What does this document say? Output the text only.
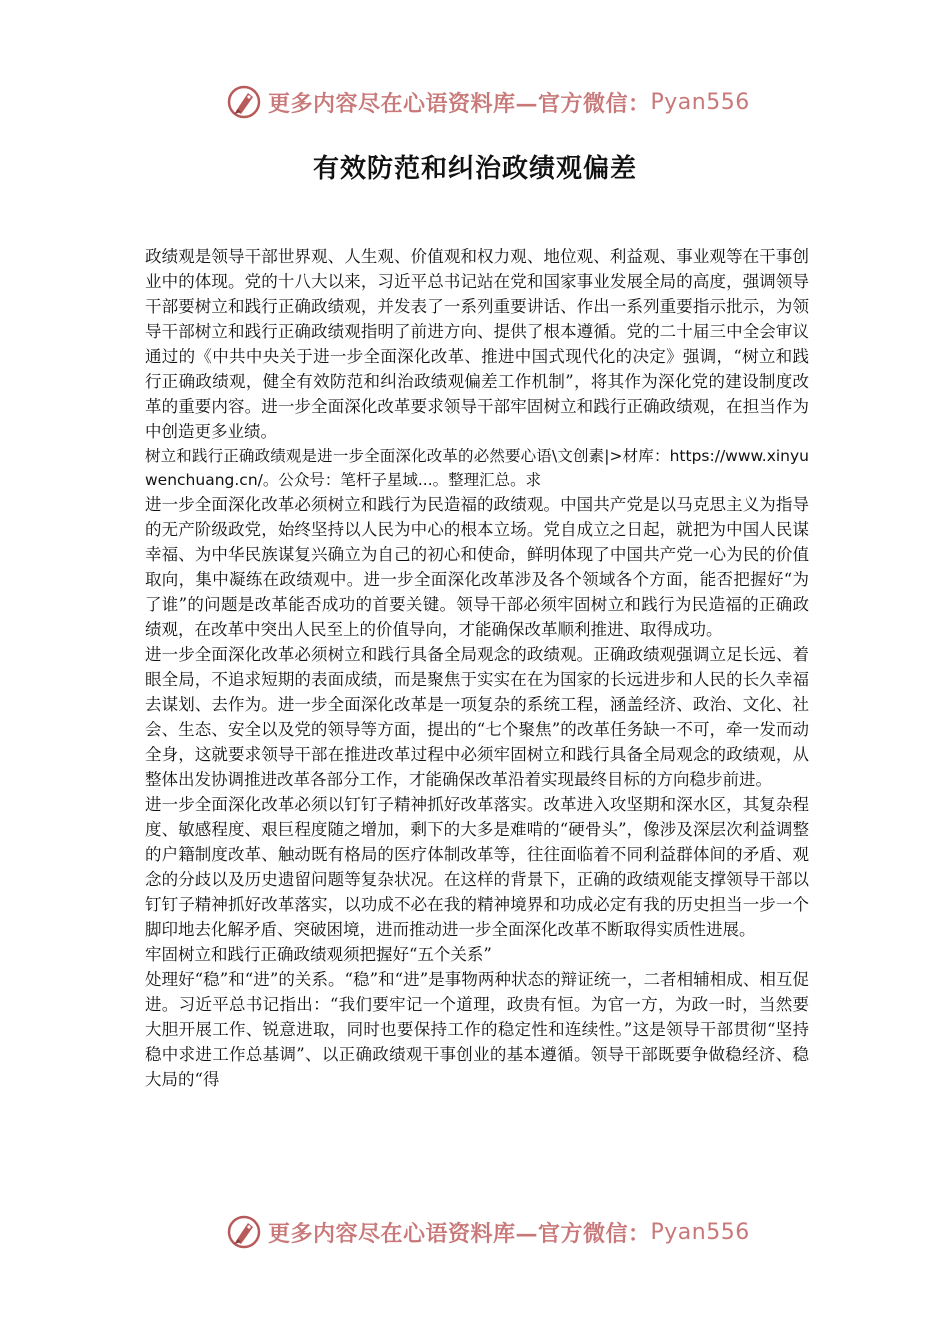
更多内容尽在心语资料库—官方微信： Pyan556
有效防范和纠治政绩观偏差

政绩观是领导干部世界观、人生观、价值观和权力观、地位观、利益观、事业观等在干事创业中的体现。党的十八大以来，习近平总书记站在党和国家事业发展全局的高度，强调领导干部要树立和践行正确政绩观，并发表了一系列重要讲话、作出一系列重要指示批示，为领导干部树立和践行正确政绩观指明了前进方向、提供了根本遵循。党的二十届三中全会审议通过的《中共中央关于进一步全面深化改革、推进中国式现代化的决定》强调，“树立和践行正确政绩观，健全有效防范和纠治政绩观偏差工作机制”，将其作为深化党的建设制度改革的重要内容。进一步全面深化改革要求领导干部牢固树立和践行正确政绩观，在担当作为中创造更多业绩。

树立和践行正确政绩观是进一步全面深化改革的必然要心语\文创素|>材库：https://www.xinyuwenchuang.cn/。公众号：笔杆子星域...。整理汇总。求

进一步全面深化改革必须树立和践行为民造福的政绩观。中国共产党是以马克思主义为指导的无产阶级政党，始终坚持以人民为中心的根本立场。党自成立之日起，就把为中国人民谋幸福、为中华民族谋复兴确立为自己的初心和使命，鲜明体现了中国共产党一心为民的价值取向，集中凝练在政绩观中。进一步全面深化改革涉及各个领域各个方面，能否把握好“为了谁”的问题是改革能否成功的首要关键。领导干部必须牢固树立和践行为民造福的正确政绩观，在改革中突出人民至上的价值导向，才能确保改革顺利推进、取得成功。

进一步全面深化改革必须树立和践行具备全局观念的政绩观。正确政绩观强调立足长远、着眼全局，不追求短期的表面成绩，而是聚焦于实实在在为国家的长远进步和人民的长久幸福去谋划、去作为。进一步全面深化改革是一项复杂的系统工程，涵盖经济、政治、文化、社会、生态、安全以及党的领导等方面，提出的“七个聚焦”的改革任务缺一不可，牵一发而动全身，这就要求领导干部在推进改革过程中必须牢固树立和践行具备全局观念的政绩观，从整体出发协调推进改革各部分工作，才能确保改革沿着实现最终目标的方向稳步前进。

进一步全面深化改革必须以钉钉子精神抓好改革落实。改革进入攻坚期和深水区，其复杂程度、敏感程度、艰巨程度随之增加，剩下的大多是难啃的“硬骨头”，像涉及深层次利益调整的户籍制度改革、触动既有格局的医疗体制改革等，往往面临着不同利益群体间的矛盾、观念的分歧以及历史遗留问题等复杂状况。在这样的背景下，正确的政绩观能支撑领导干部以钉钉子精神抓好改革落实，以功成不必在我的精神境界和功成必定有我的历史担当一步一个脚印地去化解矛盾、突破困境，进而推动进一步全面深化改革不断取得实质性进展。

牢固树立和践行正确政绩观须把握好“五个关系”

处理好“稳”和“进”的关系。“稳”和“进”是事物两种状态的辩证统一，二者相辅相成、相互促进。习近平总书记指出：“我们要牢记一个道理，政贵有恒。为官一方，为政一时，当然要大胆开展工作、锐意进取，同时也要保持工作的稳定性和连续性。”这是领导干部贯彻“坚持稳中求进工作总基调”、以正确政绩观干事创业的基本遵循。领导干部既要争做稳经济、稳大局的“得

更多内容尽在心语资料库—官方微信： Pyan556
